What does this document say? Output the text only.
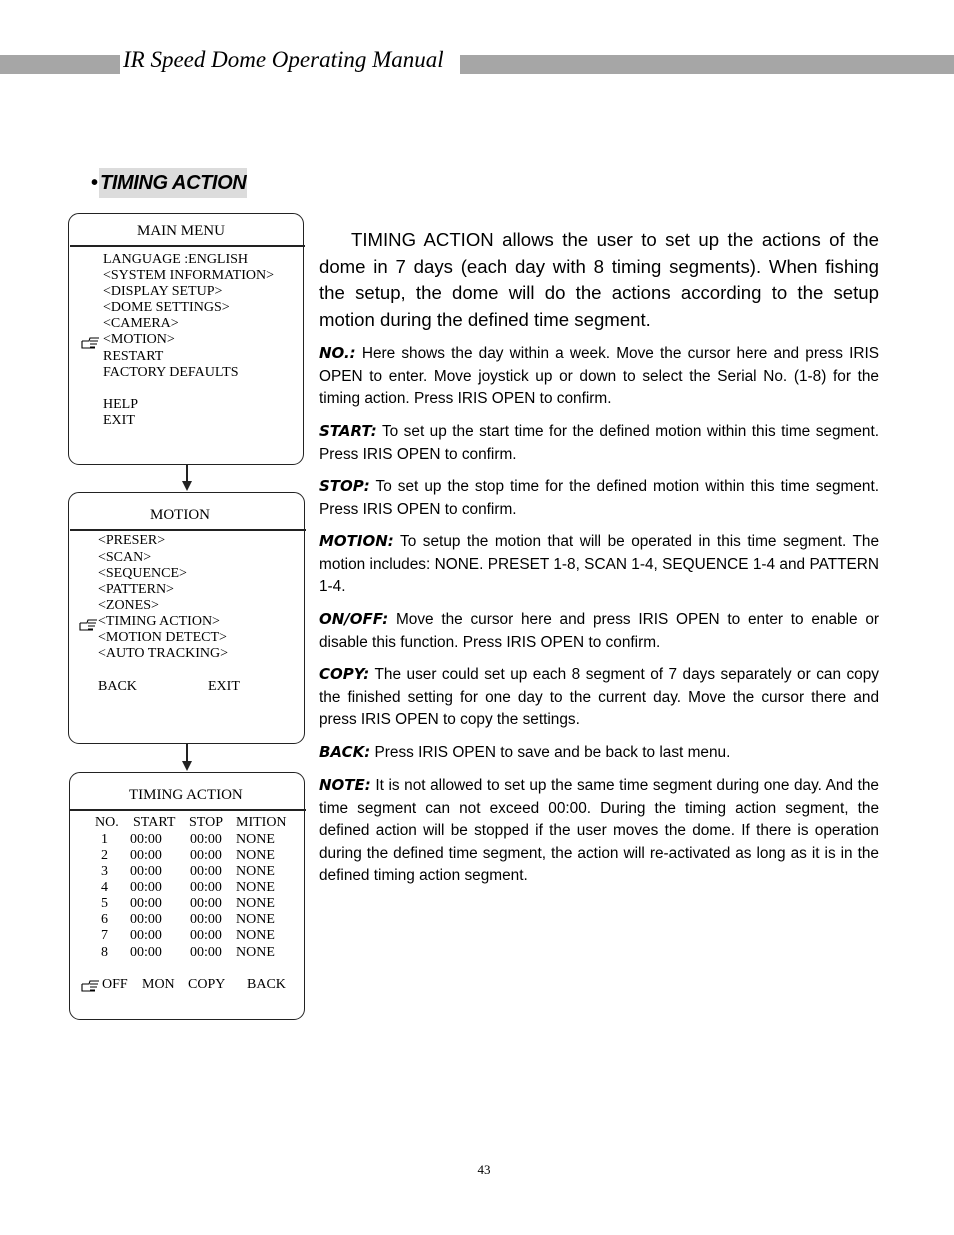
IR Speed Dome Operating Manual
• TIMING ACTION
MAIN MENU
LANGUAGE :ENGLISH
<SYSTEM INFORMATION>
<DISPLAY SETUP>
<DOME SETTINGS>
<CAMERA>
<MOTION>
RESTART
FACTORY DEFAULTS
HELP
EXIT
MOTION
<PRESER>
<SCAN>
<SEQUENCE>
<PATTERN>
<ZONES>
<TIMING ACTION>
<MOTION DETECT>
<AUTO TRACKING>
BACK	EXIT
TIMING ACTION
NO. START STOP MITION
1 00:00 00:00 NONE
2 00:00 00:00 NONE
3 00:00 00:00 NONE
4 00:00 00:00 NONE
5 00:00 00:00 NONE
6 00:00 00:00 NONE
7 00:00 00:00 NONE
8 00:00 00:00 NONE
OFF MON COPY BACK
TIMING ACTION allows the user to set up the actions of the dome in 7 days (each day with 8 timing segments). When fishing the setup, the dome will do the actions according to the setup motion during the defined time segment.
NO.: Here shows the day within a week. Move the cursor here and press IRIS OPEN to enter. Move joystick up or down to select the Serial No. (1-8) for the timing action. Press IRIS OPEN to confirm.
START: To set up the start time for the defined motion within this time segment. Press IRIS OPEN to confirm.
STOP: To set up the stop time for the defined motion within this time segment. Press IRIS OPEN to confirm.
MOTION: To setup the motion that will be operated in this time segment. The motion includes: NONE. PRESET 1-8, SCAN 1-4, SEQUENCE 1-4 and PATTERN 1-4.
ON/OFF: Move the cursor here and press IRIS OPEN to enter to enable or disable this function. Press IRIS OPEN to confirm.
COPY: The user could set up each 8 segment of 7 days separately or can copy the finished setting for one day to the current day. Move the cursor there and press IRIS OPEN to copy the settings.
BACK: Press IRIS OPEN to save and be back to last menu.
NOTE: It is not allowed to set up the same time segment during one day. And the time segment can not exceed 00:00. During the timing action segment, the defined action will be stopped if the user moves the dome. If there is operation during the defined time segment, the action will re-activated as long as it is in the defined timing action segment.
43
